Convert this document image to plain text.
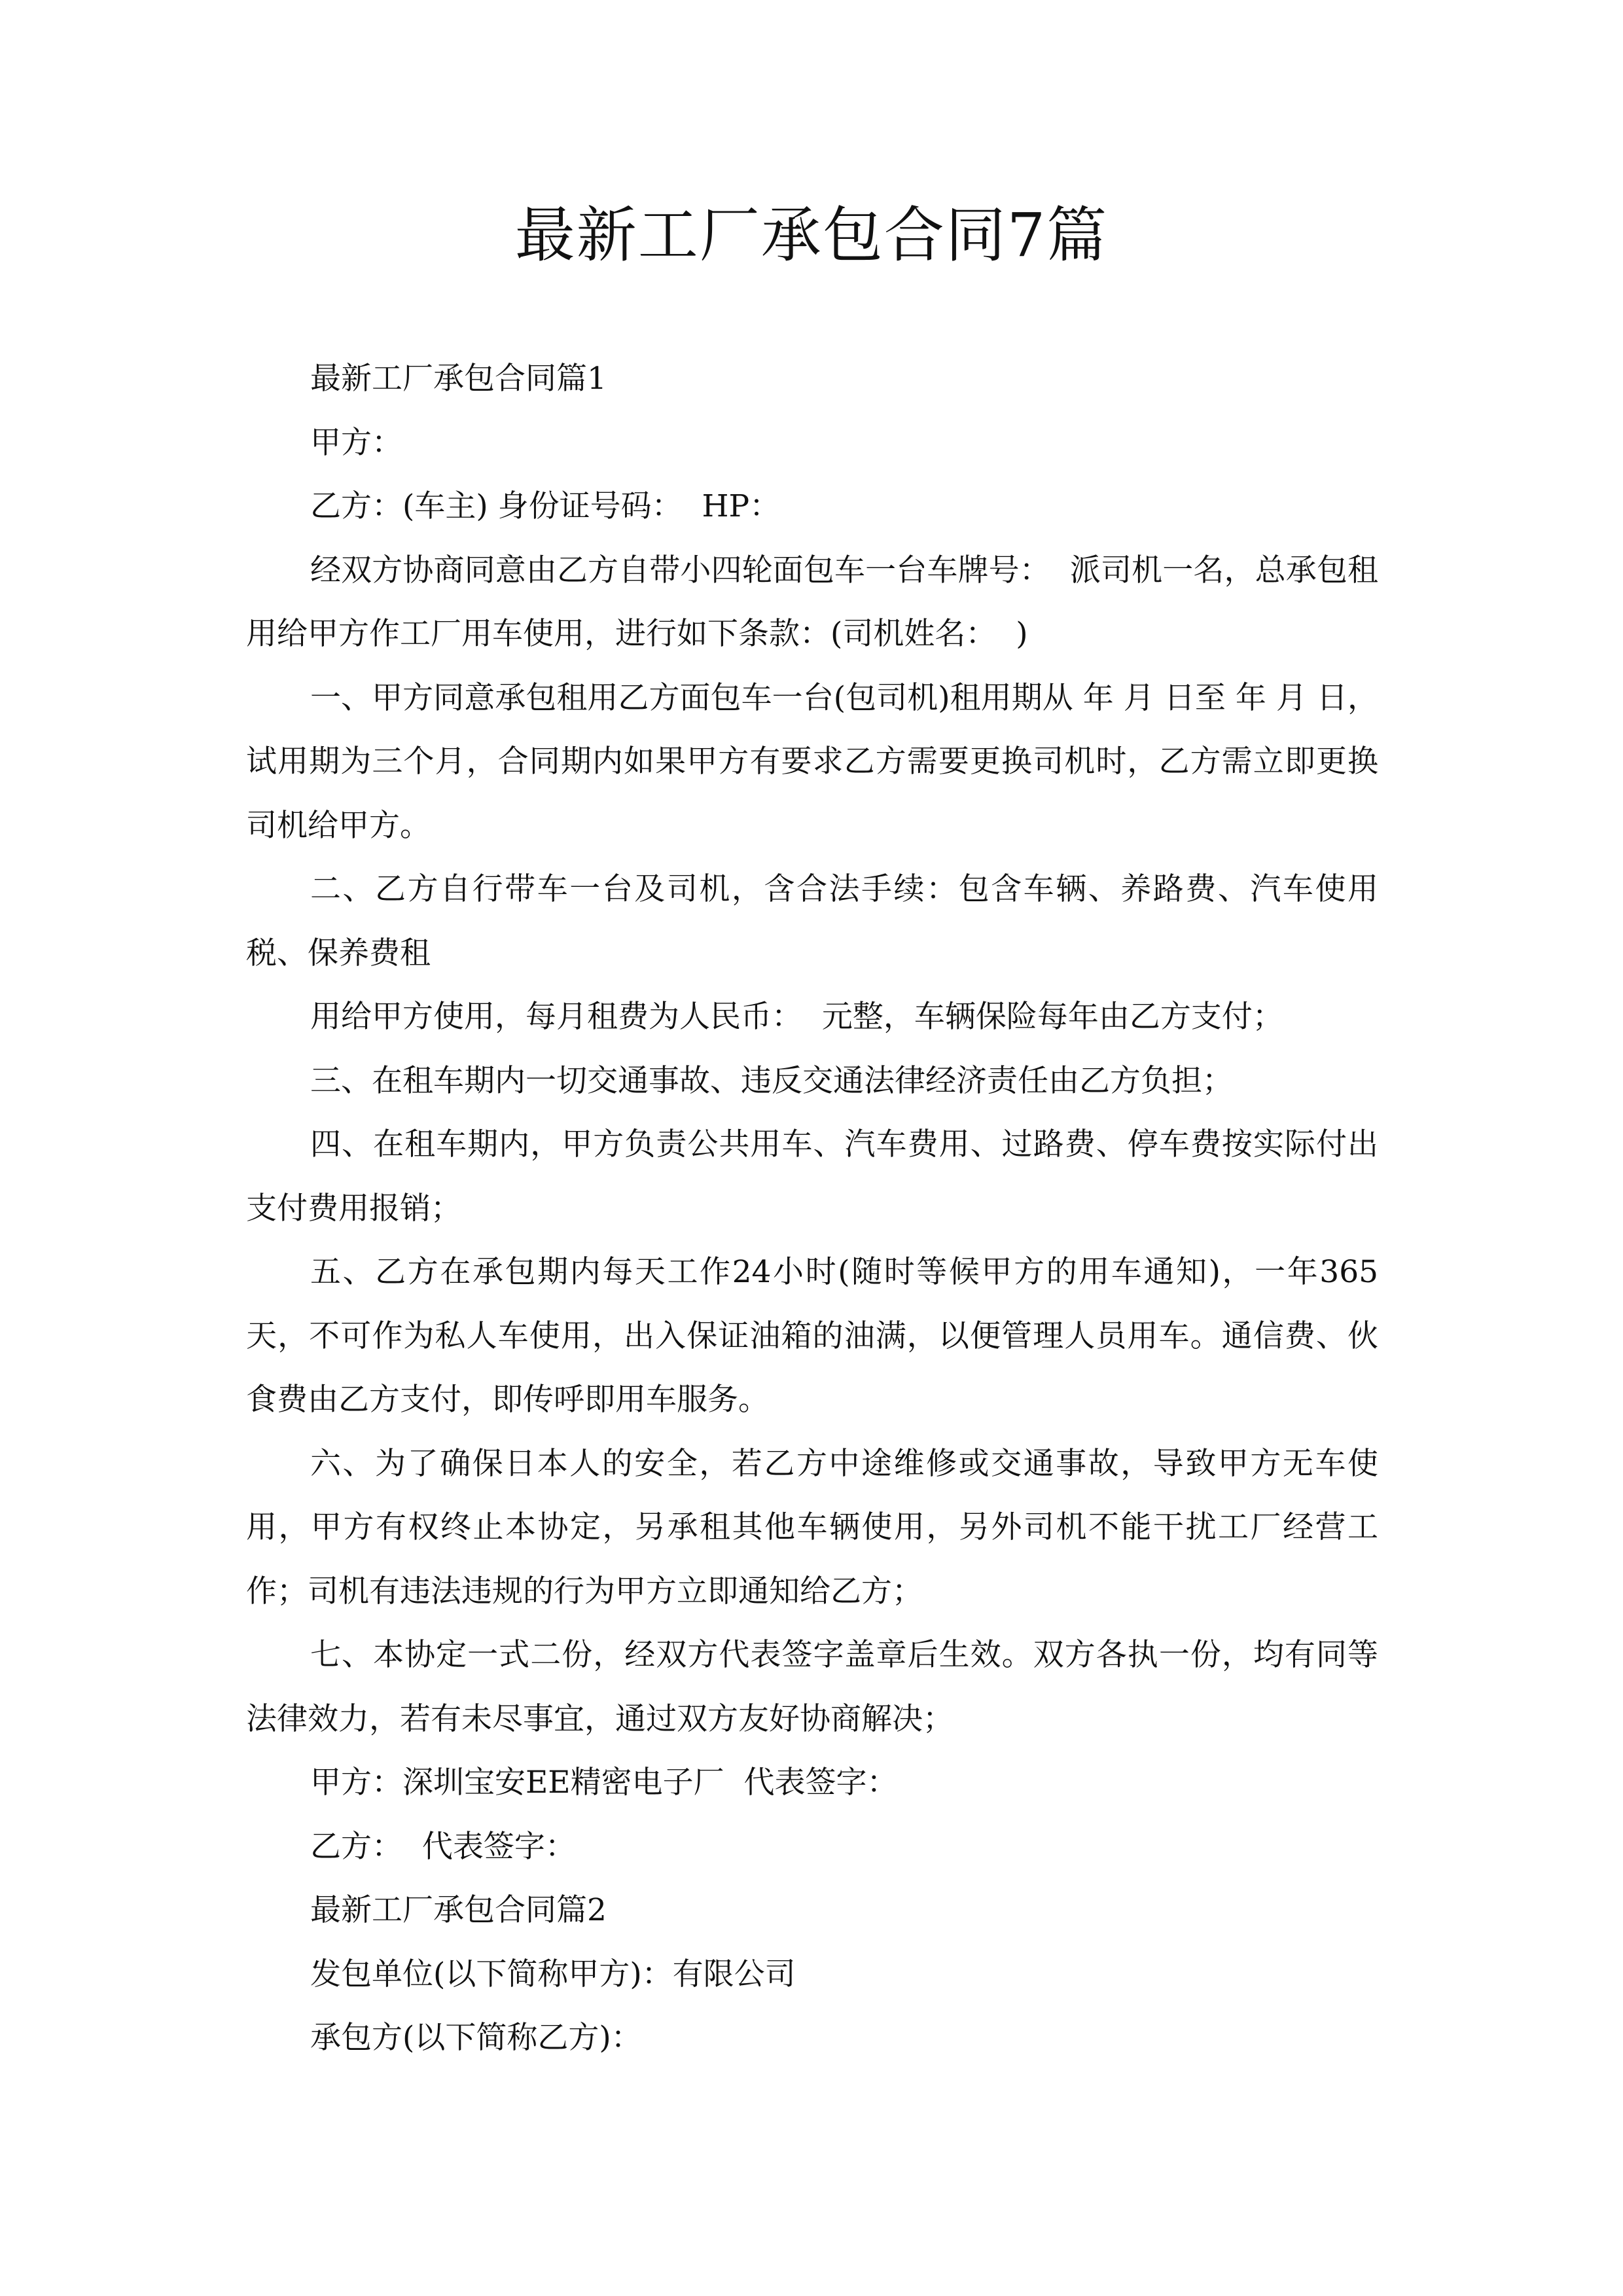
最新工厂承包合同7篇

最新工厂承包合同篇1

甲方：

乙方：(车主) 身份证号码：  HP：

经双方协商同意由乙方自带小四轮面包车一台车牌号：  派司机一名，总承包租用给甲方作工厂用车使用，进行如下条款：(司机姓名：  )

一、甲方同意承包租用乙方面包车一台(包司机)租用期从 年 月 日至 年 月 日，试用期为三个月，合同期内如果甲方有要求乙方需要更换司机时，乙方需立即更换司机给甲方。

二、乙方自行带车一台及司机，含合法手续：包含车辆、养路费、汽车使用税、保养费租

用给甲方使用，每月租费为人民币：  元整，车辆保险每年由乙方支付；

三、在租车期内一切交通事故、违反交通法律经济责任由乙方负担；

四、在租车期内，甲方负责公共用车、汽车费用、过路费、停车费按实际付出支付费用报销；

五、乙方在承包期内每天工作24小时(随时等候甲方的用车通知)，一年365天，不可作为私人车使用，出入保证油箱的油满，以便管理人员用车。通信费、伙食费由乙方支付，即传呼即用车服务。

六、为了确保日本人的安全，若乙方中途维修或交通事故，导致甲方无车使用，甲方有权终止本协定，另承租其他车辆使用，另外司机不能干扰工厂经营工作；司机有违法违规的行为甲方立即通知给乙方；

七、本协定一式二份，经双方代表签字盖章后生效。双方各执一份，均有同等法律效力，若有未尽事宜，通过双方友好协商解决；

甲方：深圳宝安EE精密电子厂  代表签字：

乙方：  代表签字：

最新工厂承包合同篇2

发包单位(以下简称甲方)：有限公司

承包方(以下简称乙方)：
